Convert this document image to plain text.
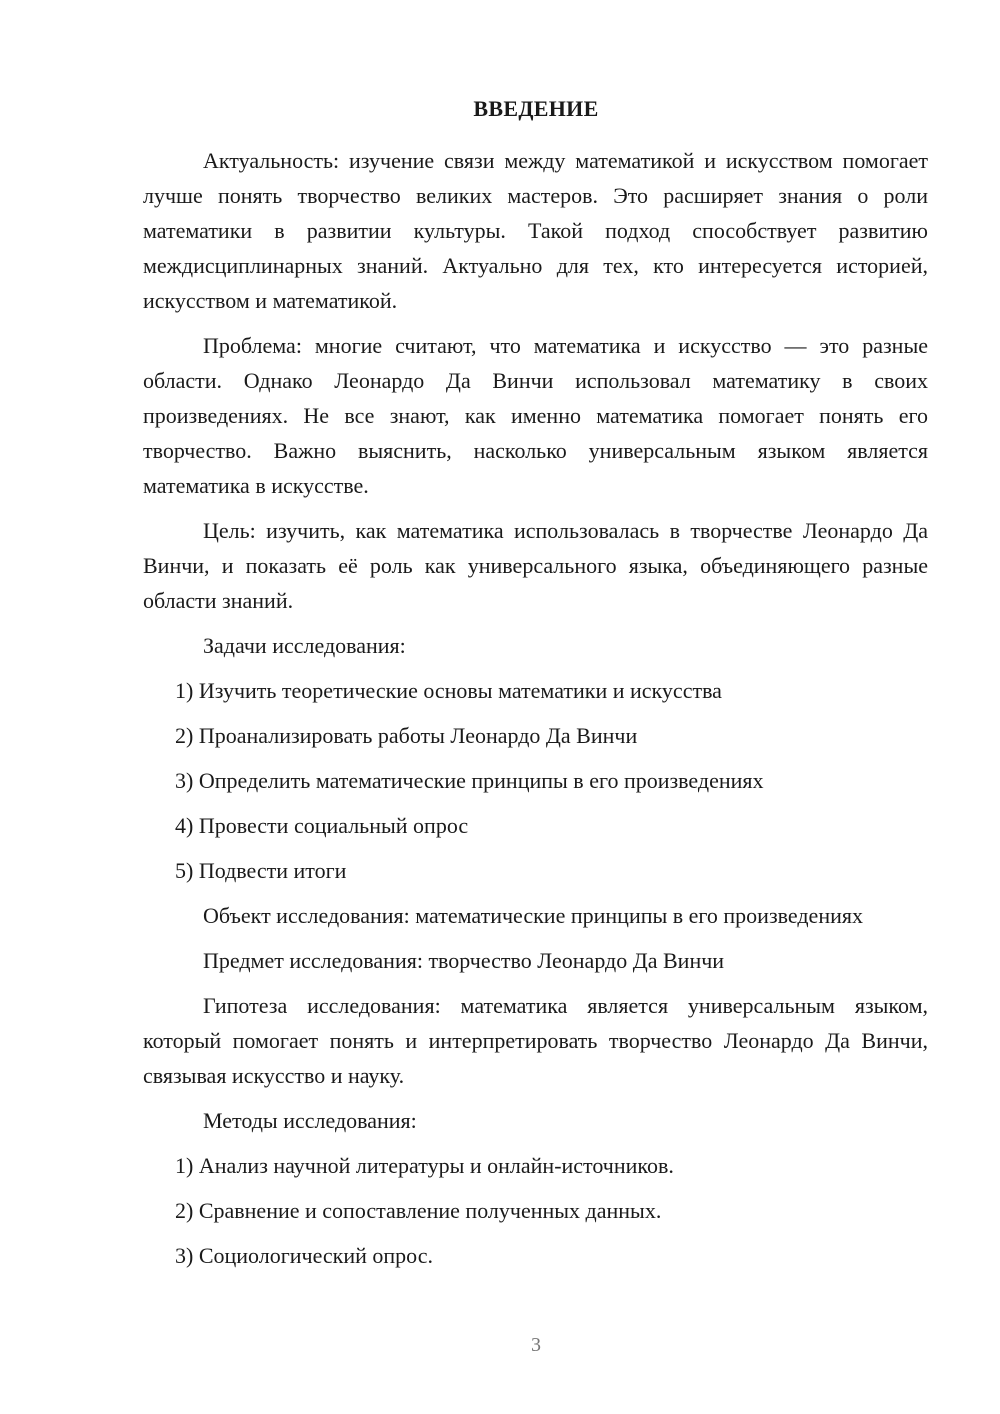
ВВЕДЕНИЕ

Актуальность: изучение связи между математикой и искусством помогает лучше понять творчество великих мастеров. Это расширяет знания о роли математики в развитии культуры. Такой подход способствует развитию междисциплинарных знаний. Актуально для тех, кто интересуется историей, искусством и математикой.

Проблема: многие считают, что математика и искусство — это разные области. Однако Леонардо Да Винчи использовал математику в своих произведениях. Не все знают, как именно математика помогает понять его творчество. Важно выяснить, насколько универсальным языком является математика в искусстве.

Цель: изучить, как математика использовалась в творчестве Леонардо Да Винчи, и показать её роль как универсального языка, объединяющего разные области знаний.

Задачи исследования:

1) Изучить теоретические основы математики и искусства

2) Проанализировать работы Леонардо Да Винчи

3) Определить математические принципы в его произведениях

4) Провести социальный опрос

5) Подвести итоги

Объект исследования: математические принципы в его произведениях

Предмет исследования: творчество Леонардо Да Винчи

Гипотеза исследования: математика является универсальным языком, который помогает понять и интерпретировать творчество Леонардо Да Винчи, связывая искусство и науку.

Методы исследования:

1) Анализ научной литературы и онлайн-источников.

2) Сравнение и сопоставление полученных данных.

3) Социологический опрос.

3
